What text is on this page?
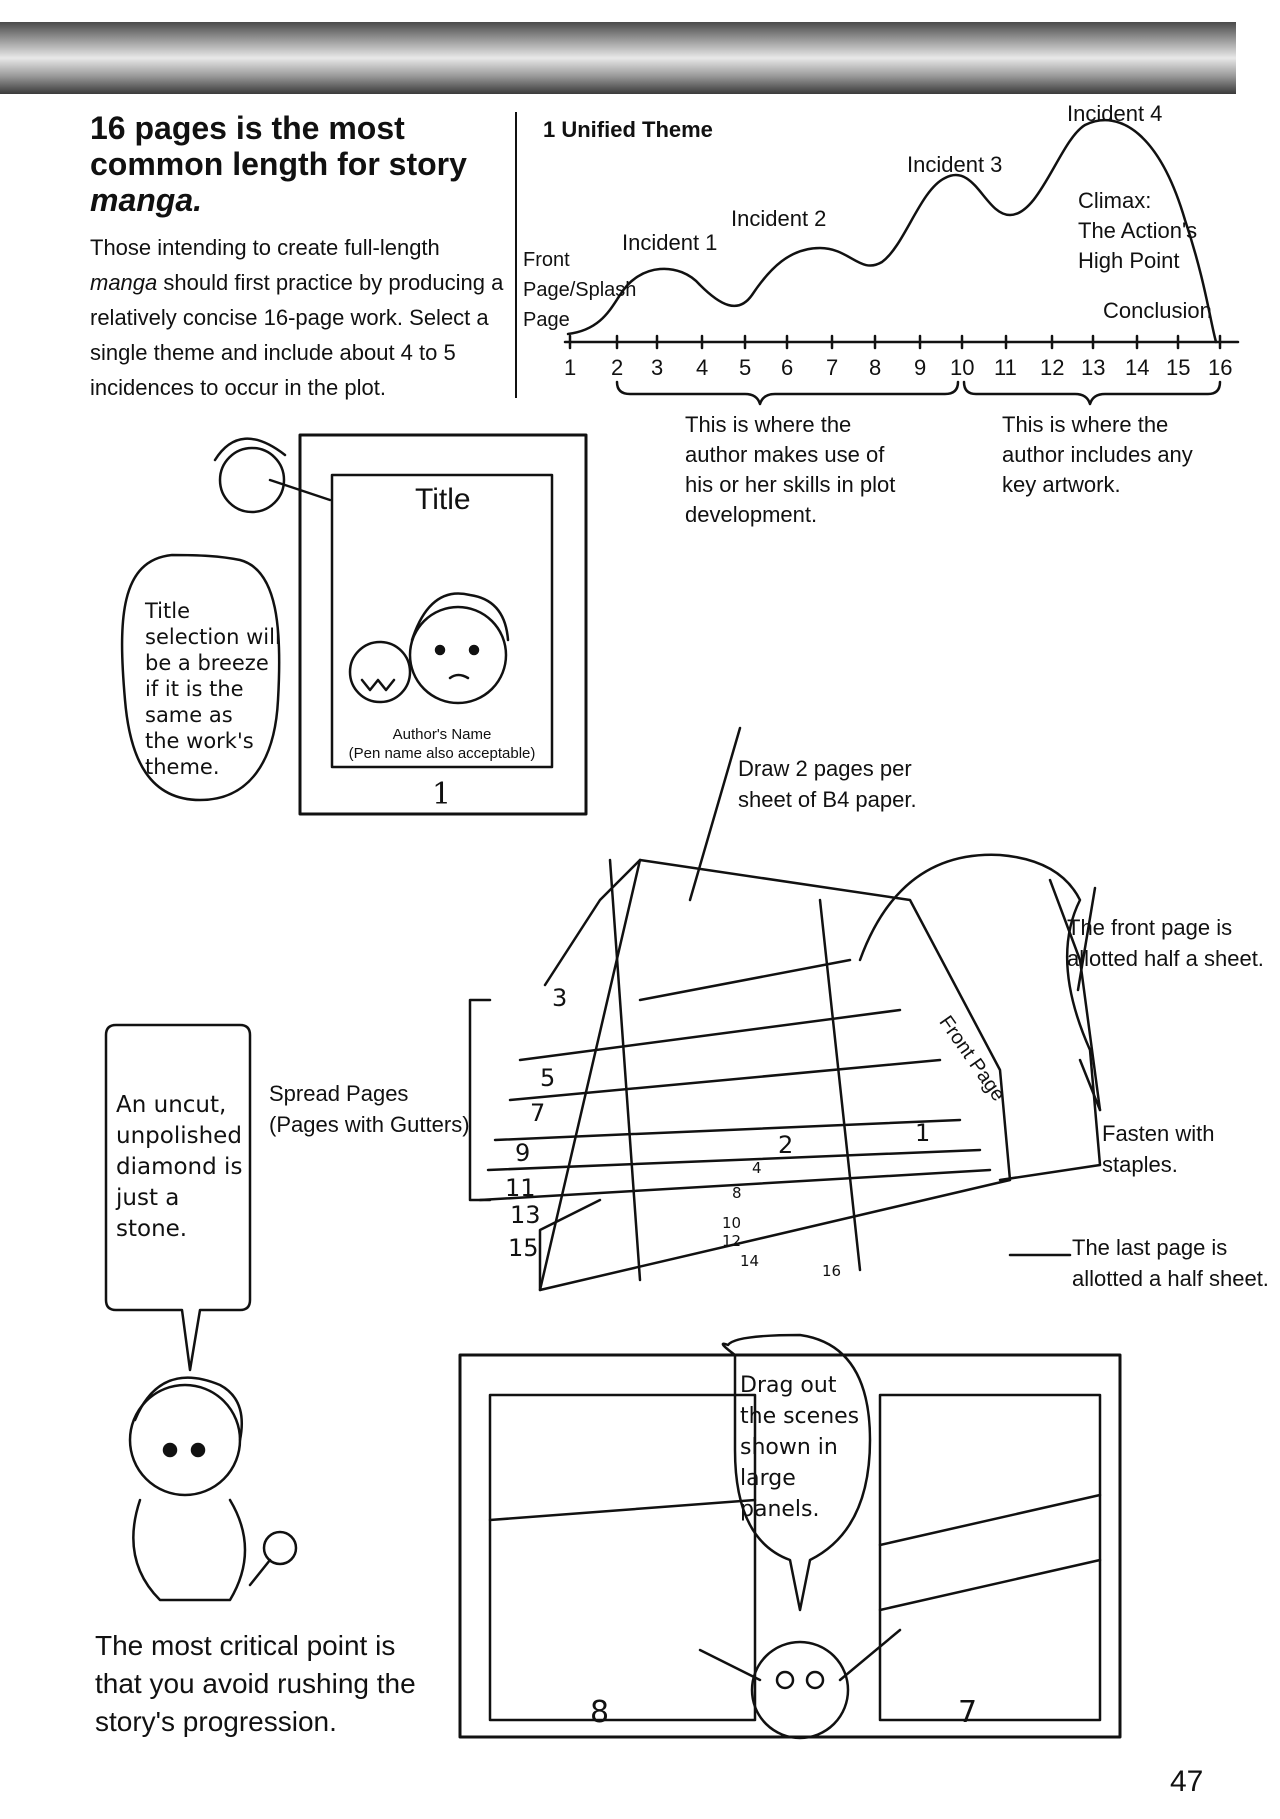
16 pages is the most
common length for story
manga.
Those intending to create full-length manga should first practice by producing a relatively concise 16-page work. Select a single theme and include about 4 to 5 incidences to occur in the plot.
1 Unified Theme
Front
Page/Splash
Page
Incident 1
Incident 2
Incident 3
Incident 4
Climax:
The Action's
High Point
Conclusion
1 2 3 4 5 6 7 8 9 10 11 12 13 14 15 16
This is where the
author makes use of
his or her skills in plot
development.
This is where the
author includes any
key artwork.
Title
Author's Name
(Pen name also acceptable)
1
Title
selection will
be a breeze
if it is the
same as
the work's
theme.	Draw 2 pages per
sheet of B4 paper.
The front page is
allotted half a sheet.
Front Page
Fasten with
staples.
The last page is
allotted a half sheet.
Spread Pages
(Pages with Gutters)
3
5
7
9
11
13
15
2
4
8
10
12
14
16
1
An uncut,
unpolished
diamond is
just a
stone.
Drag out
the scenes
shown in
large
panels.
8	7
The most critical point is
that you avoid rushing the
story's progression.
47
